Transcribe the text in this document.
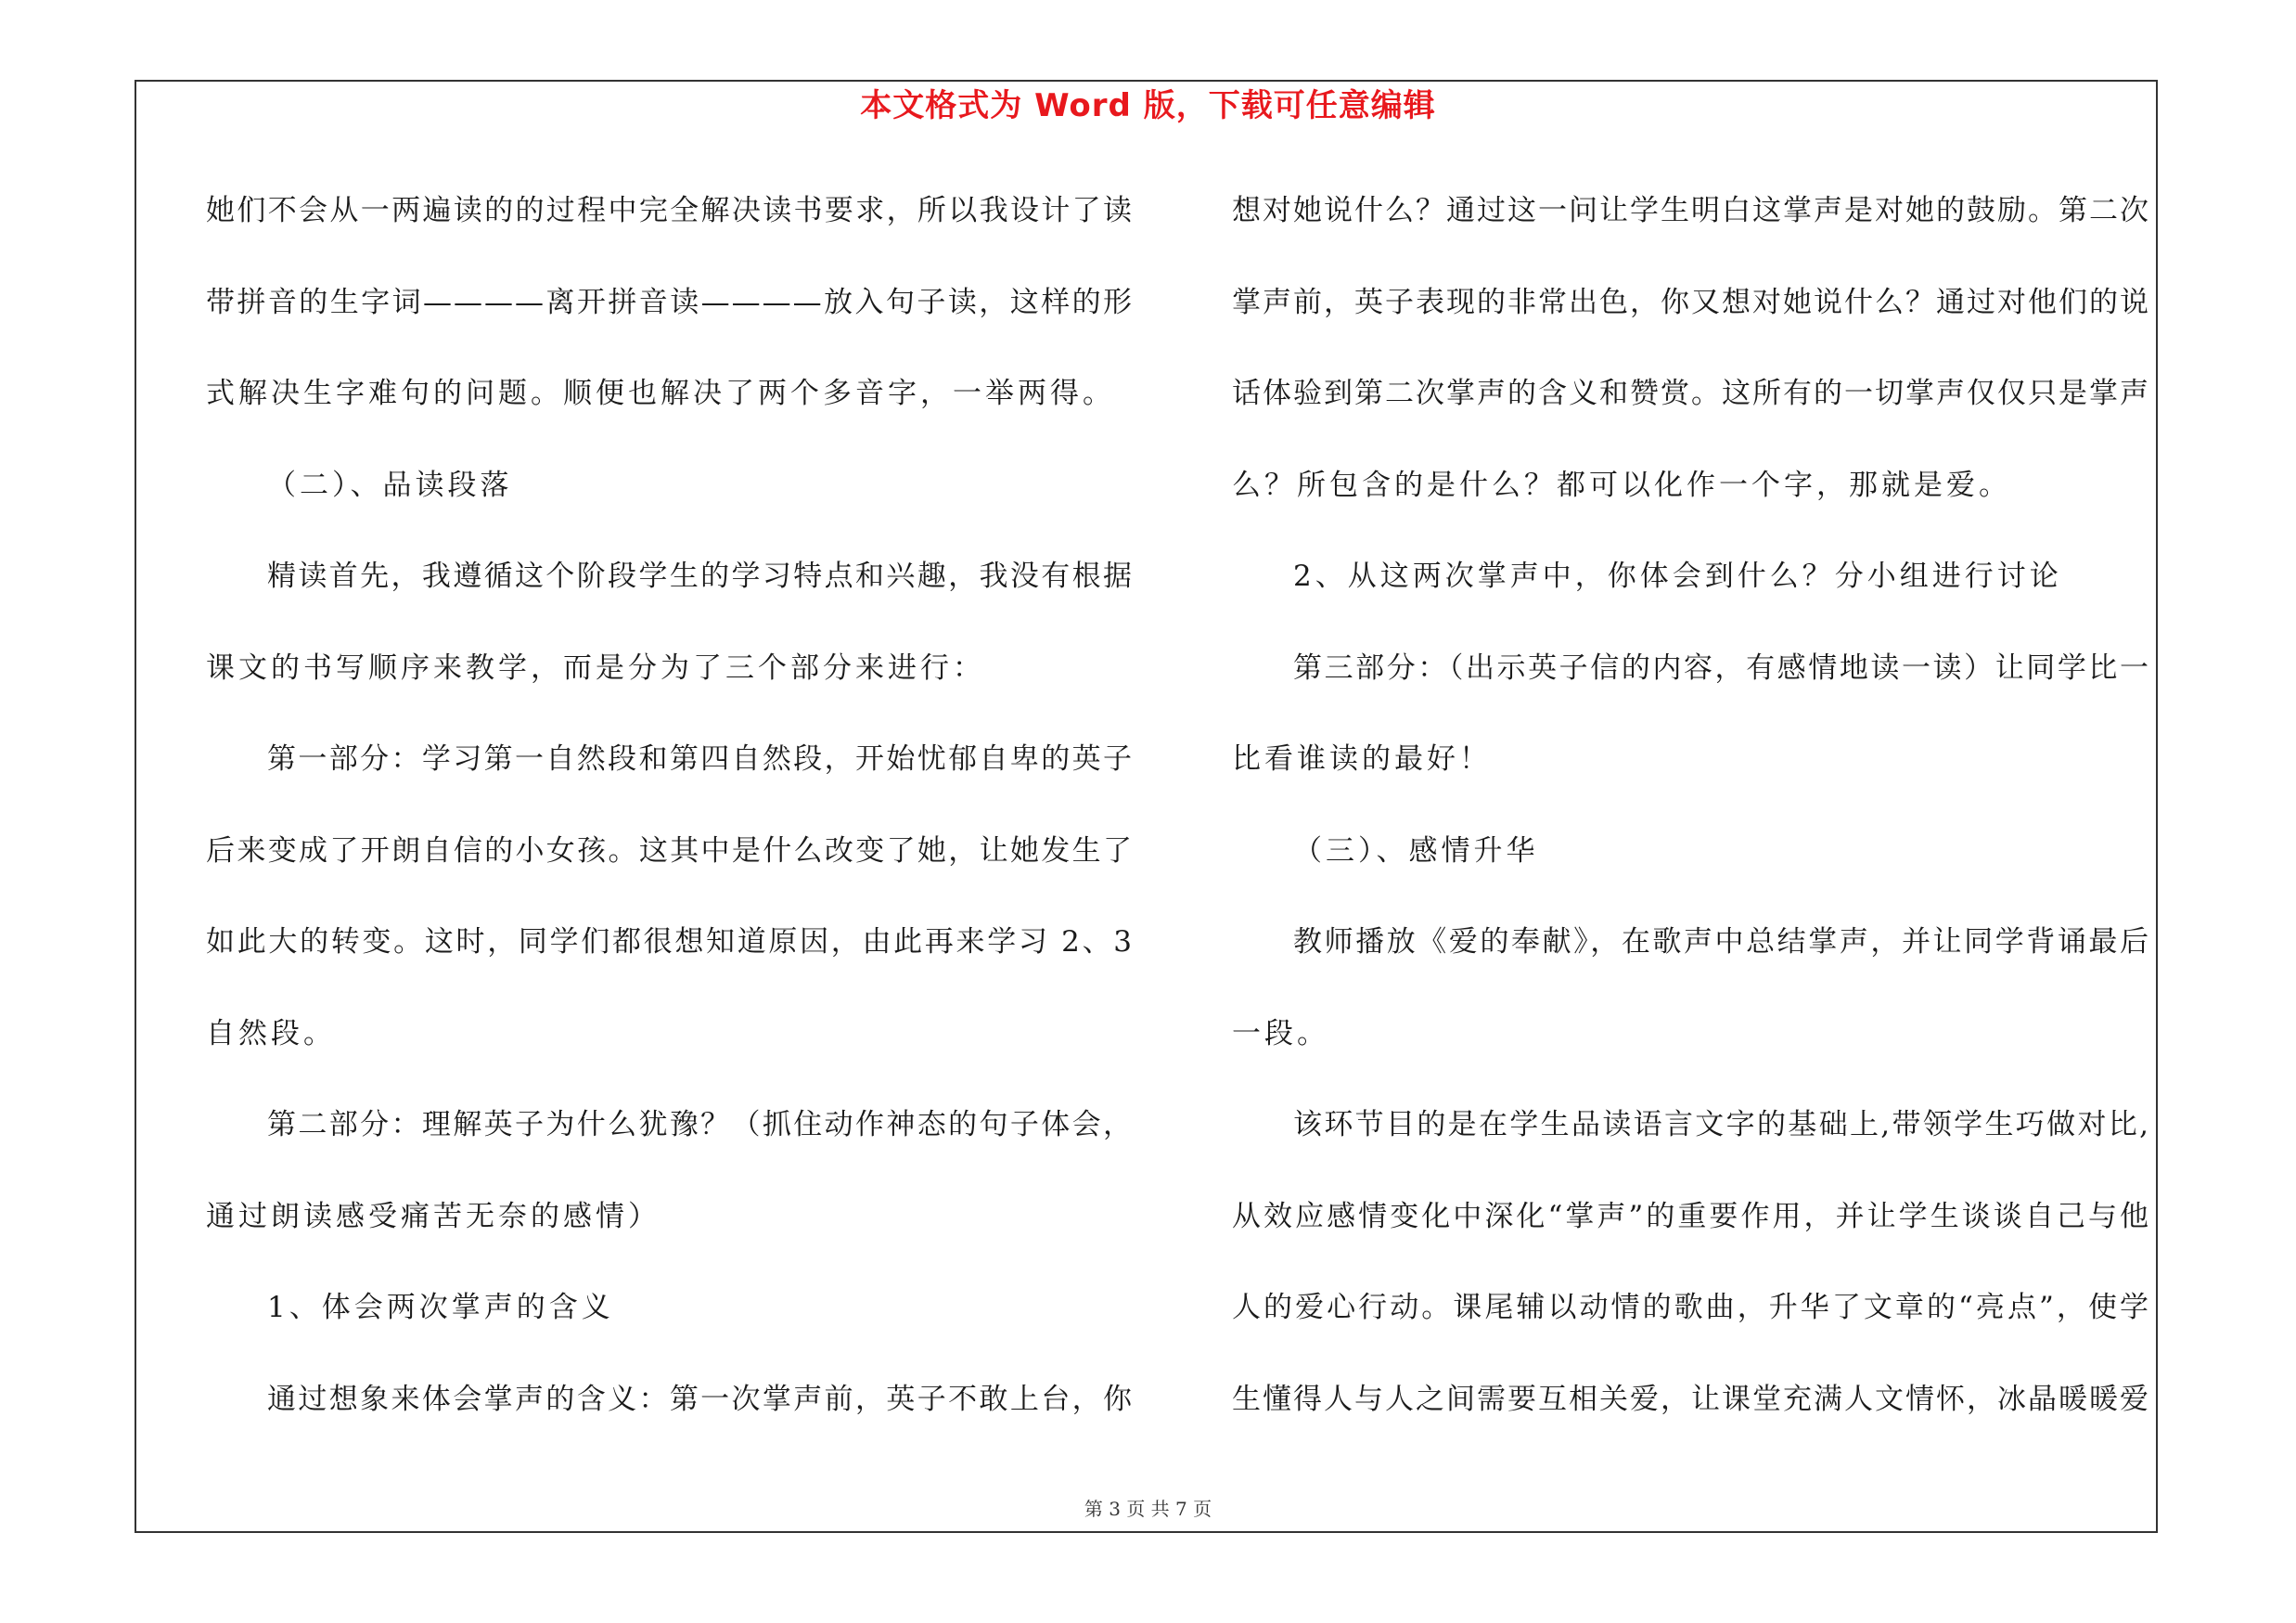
本文格式为 Word 版，下载可任意编辑
她们不会从一两遍读的的过程中完全解决读书要求，所以我设计了读
带拼音的生字词————离开拼音读————放入句子读，这样的形
式解决生字难句的问题。顺便也解决了两个多音字，一举两得。
（二）、品读段落
精读首先，我遵循这个阶段学生的学习特点和兴趣，我没有根据
课文的书写顺序来教学，而是分为了三个部分来进行：
第一部分：学习第一自然段和第四自然段，开始忧郁自卑的英子
后来变成了开朗自信的小女孩。这其中是什么改变了她，让她发生了
如此大的转变。这时，同学们都很想知道原因，由此再来学习 2、3
自然段。
第二部分：理解英子为什么犹豫？（抓住动作神态的句子体会，
通过朗读感受痛苦无奈的感情）
1、体会两次掌声的含义
通过想象来体会掌声的含义：第一次掌声前，英子不敢上台，你
想对她说什么？通过这一问让学生明白这掌声是对她的鼓励。第二次
掌声前，英子表现的非常出色，你又想对她说什么？通过对他们的说
话体验到第二次掌声的含义和赞赏。这所有的一切掌声仅仅只是掌声
么？所包含的是什么？都可以化作一个字，那就是爱。
2、从这两次掌声中，你体会到什么？分小组进行讨论
第三部分：（出示英子信的内容，有感情地读一读）让同学比一
比看谁读的最好！
（三）、感情升华
教师播放《爱的奉献》，在歌声中总结掌声，并让同学背诵最后
一段。
该环节目的是在学生品读语言文字的基础上,带领学生巧做对比,
从效应感情变化中深化“掌声”的重要作用，并让学生谈谈自己与他
人的爱心行动。课尾辅以动情的歌曲，升华了文章的“亮点”，使学
生懂得人与人之间需要互相关爱，让课堂充满人文情怀，冰晶暖暖爱
第 3 页 共 7 页
